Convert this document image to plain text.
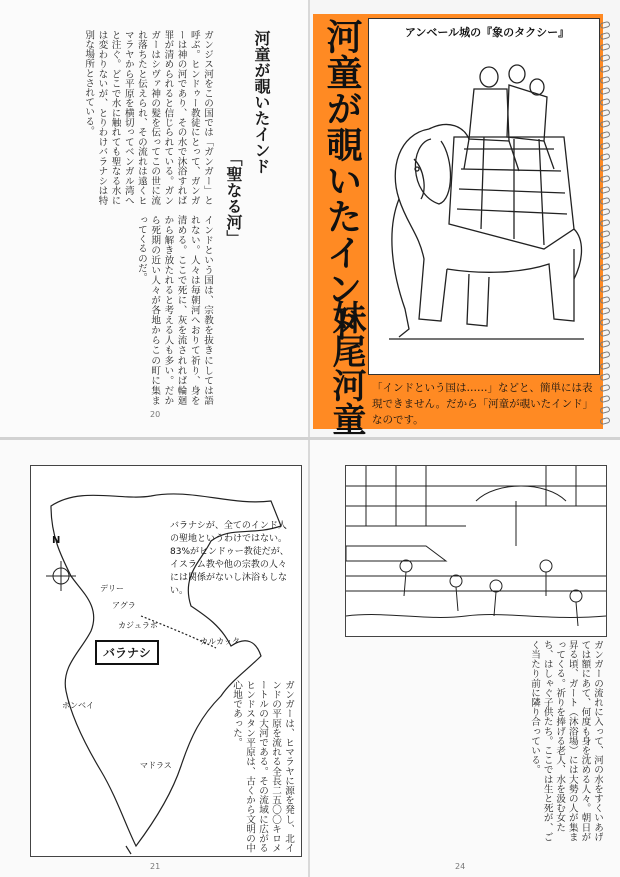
河童が覗いたインド
「聖なる河」
ガンジス河をこの国では「ガンガー」と呼ぶ。ヒンドゥー教徒にとって、ガンガーは神の河であり、その水で沐浴すれば罪が清められると信じられている。ガンガーはシヴァ神の髪を伝ってこの世に流れ落ちたと伝えられ、その流れは遠くヒマラヤから平原を横切ってベンガル湾へと注ぐ。どこで水に触れても聖なる水には変わりないが、とりわけバラナシは特別な場所とされている。
インドという国は、宗教を抜きにしては語れない。人々は毎朝河へおりて祈り、身を清める。ここで死に、灰を流されれば輪廻から解き放たれると考える人も多い。だから死期の近い人々が各地からこの町に集まってくるのだ。
20
アンベール城の『象のタクシー』
河童が覗いたインド
妹尾河童 「インドという国は……」などと、簡単には表現できません。だから「河童が覗いたインド」なのです。
バラナシが、全てのインド人の聖地というわけではない。83%がヒンドゥー教徒だが、イスラム教や他の宗教の人々には関係がないし沐浴もしない。
N
デリー
アグラ
カジュラホ
カルカッタ
ボンベイ
マドラス
バラナシ
ガンガーは、ヒマラヤに源を発し、北インドの平原を流れる全長二五〇〇キロメートルの大河である。その流域に広がるヒンドスタン平原は、古くから文明の中心地であった。
21
ガンガーの流れに入って、河の水をすくいあげては額にあて、何度も身を沈める人々。朝日が昇る頃、ガート（沐浴場）には大勢の人が集まってくる。祈りを捧げる老人、水を汲む女たち、はしゃぐ子供たち。ここでは生と死が、ごく当たり前に隣り合っている。
24
